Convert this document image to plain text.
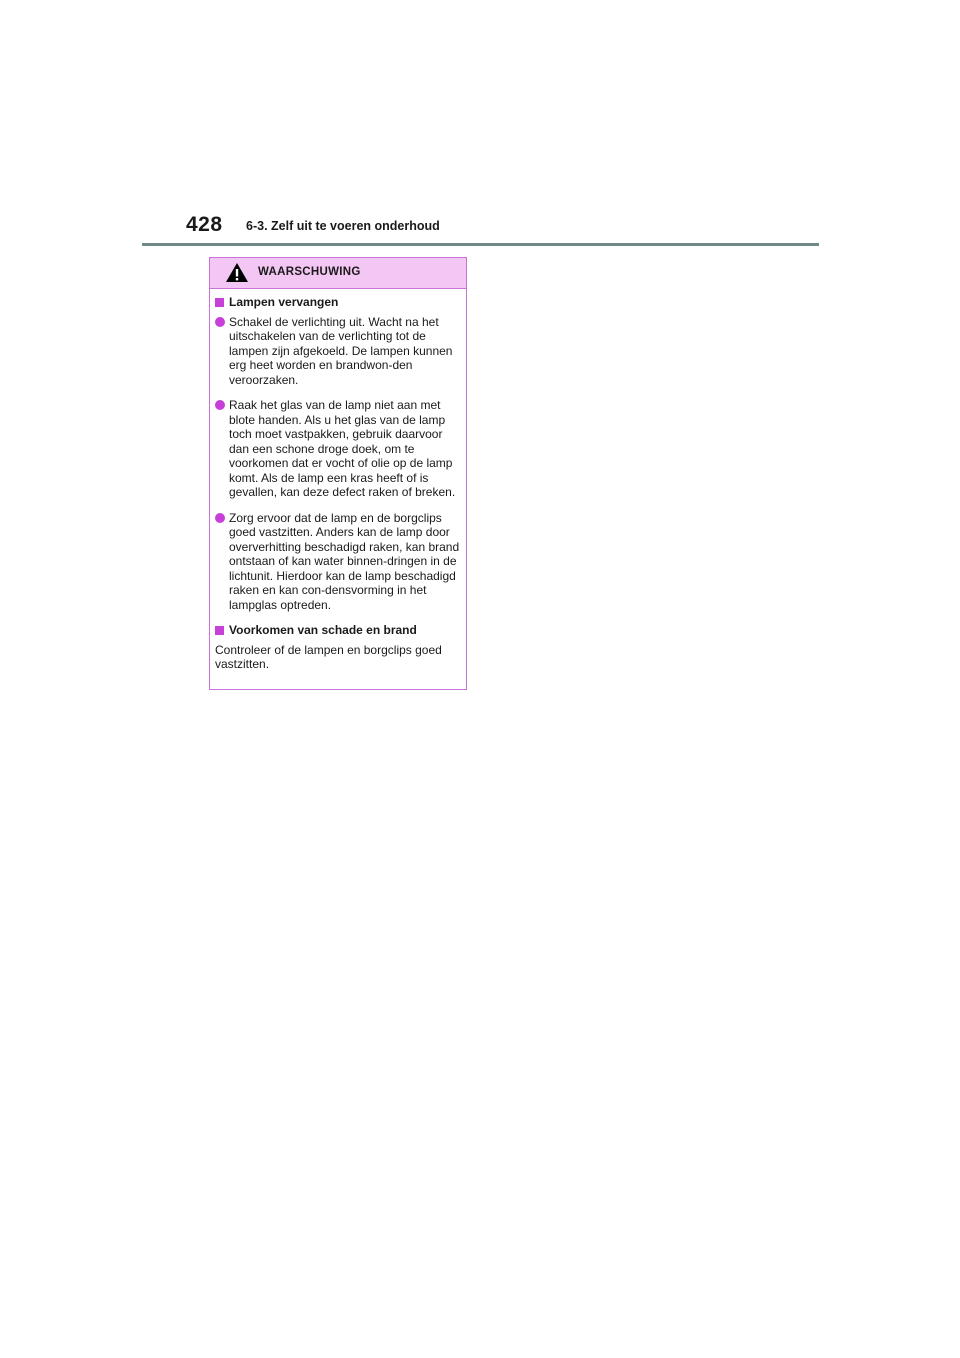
428 6-3. Zelf uit te voeren onderhoud
WAARSCHUWING
Lampen vervangen
Schakel de verlichting uit. Wacht na het uitschakelen van de verlichting tot de lampen zijn afgekoeld. De lampen kunnen erg heet worden en brandwon-den veroorzaken.
Raak het glas van de lamp niet aan met blote handen. Als u het glas van de lamp toch moet vastpakken, gebruik daarvoor dan een schone droge doek, om te voorkomen dat er vocht of olie op de lamp komt. Als de lamp een kras heeft of is gevallen, kan deze defect raken of breken.
Zorg ervoor dat de lamp en de borgclips goed vastzitten. Anders kan de lamp door oververhitting beschadigd raken, kan brand ontstaan of kan water binnen-dringen in de lichtunit. Hierdoor kan de lamp beschadigd raken en kan con-densvorming in het lampglas optreden.
Voorkomen van schade en brand
Controleer of de lampen en borgclips goed vastzitten.
